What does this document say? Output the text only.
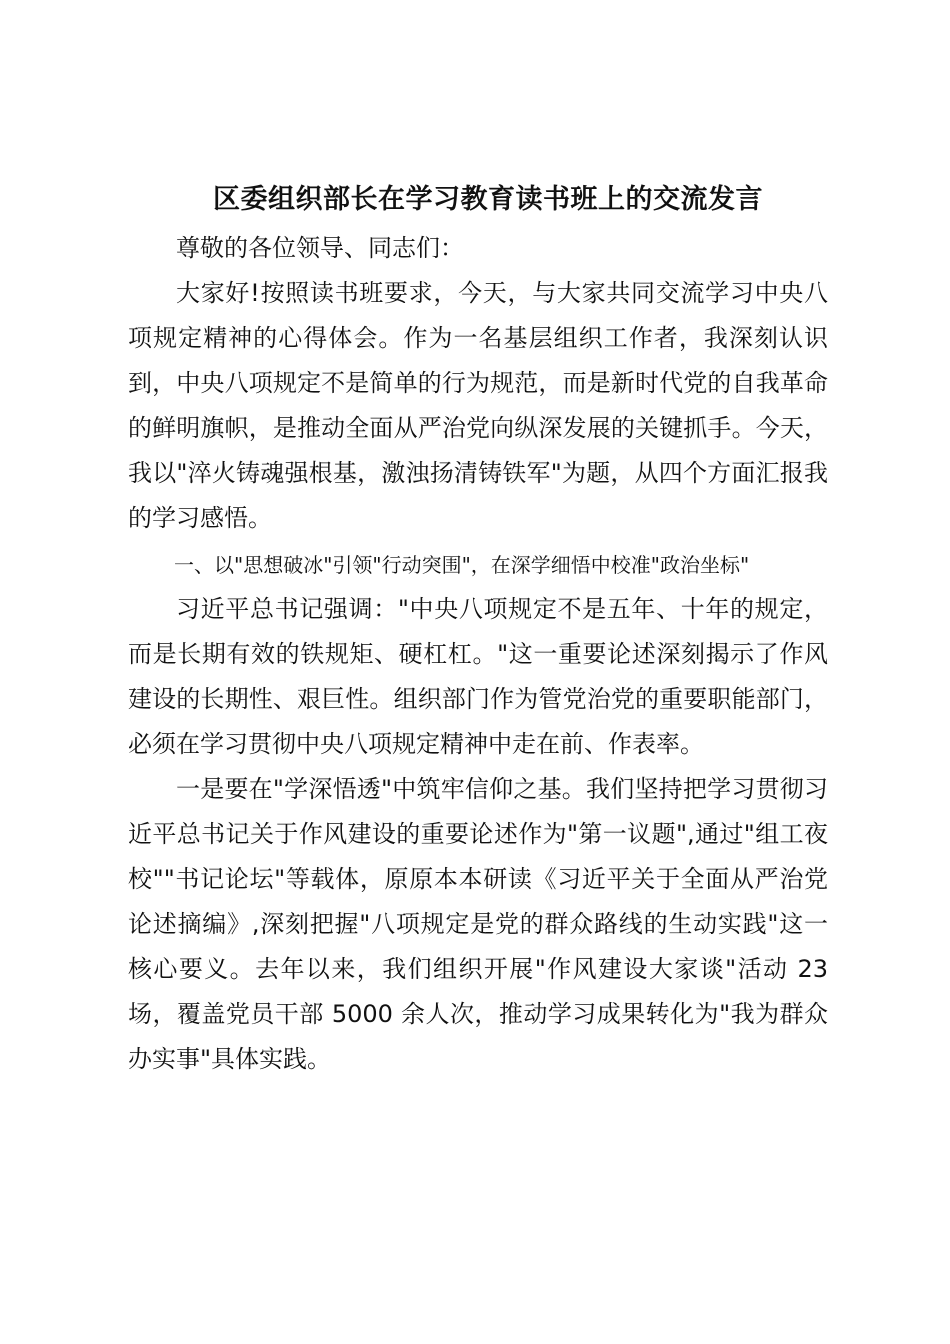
区委组织部长在学习教育读书班上的交流发言

尊敬的各位领导、同志们：

大家好!按照读书班要求，今天，与大家共同交流学习中央八项规定精神的心得体会。作为一名基层组织工作者，我深刻认识到，中央八项规定不是简单的行为规范，而是新时代党的自我革命的鲜明旗帜，是推动全面从严治党向纵深发展的关键抓手。今天， 我以"淬火铸魂强根基，激浊扬清铸铁军"为题，从四个方面汇报我的学习感悟。

一、以"思想破冰"引领"行动突围"，在深学细悟中校准"政治坐标"

习近平总书记强调："中央八项规定不是五年、十年的规定，而是长期有效的铁规矩、硬杠杠。"这一重要论述深刻揭示了作风建设的长期性、艰巨性。组织部门作为管党治党的重要职能部门，必须在学习贯彻中央八项规定精神中走在前、作表率。

一是要在"学深悟透"中筑牢信仰之基。我们坚持把学习贯彻习近平总书记关于作风建设的重要论述作为"第一议题",通过"组工夜校""书记论坛"等载体，原原本本研读《习近平关于全面从严治党论述摘编》,深刻把握"八项规定是党的群众路线的生动实践"这一核心要义。去年以来，我们组织开展"作风建设大家谈"活动 23 场，覆盖党员干部 5000 余人次，推动学习成果转化为"我为群众办实事"具体实践。
